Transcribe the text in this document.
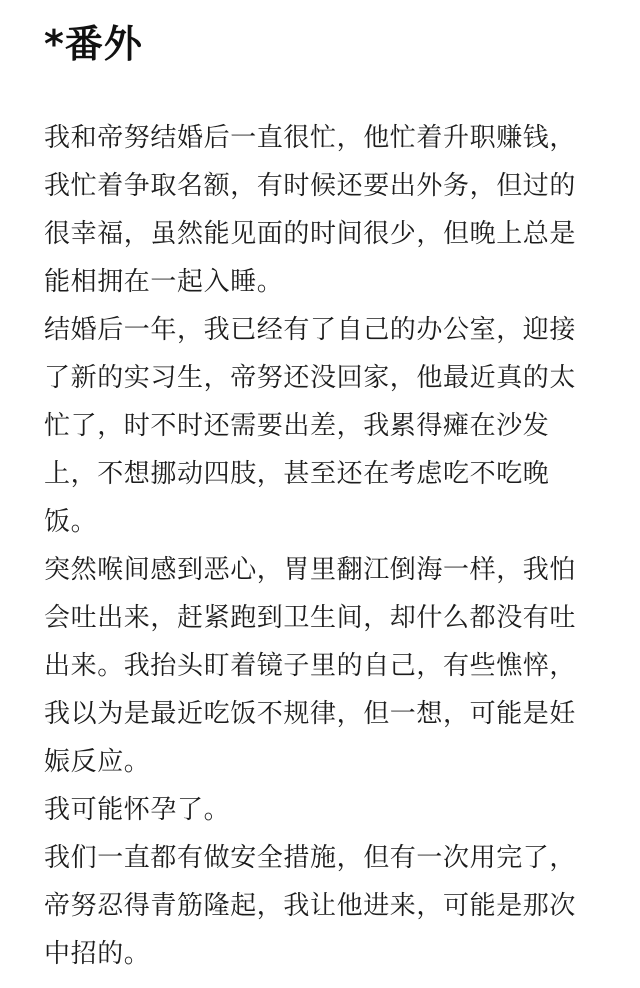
*番外

我和帝努结婚后一直很忙，他忙着升职赚钱，我忙着争取名额，有时候还要出外务，但过的很幸福，虽然能见面的时间很少，但晚上总是能相拥在一起入睡。

结婚后一年，我已经有了自己的办公室，迎接了新的实习生，帝努还没回家，他最近真的太忙了，时不时还需要出差，我累得瘫在沙发上，不想挪动四肢，甚至还在考虑吃不吃晚饭。

突然喉间感到恶心，胃里翻江倒海一样，我怕会吐出来，赶紧跑到卫生间，却什么都没有吐出来。我抬头盯着镜子里的自己，有些憔悴，我以为是最近吃饭不规律，但一想，可能是妊娠反应。

我可能怀孕了。

我们一直都有做安全措施，但有一次用完了，帝努忍得青筋隆起，我让他进来，可能是那次中招的。
